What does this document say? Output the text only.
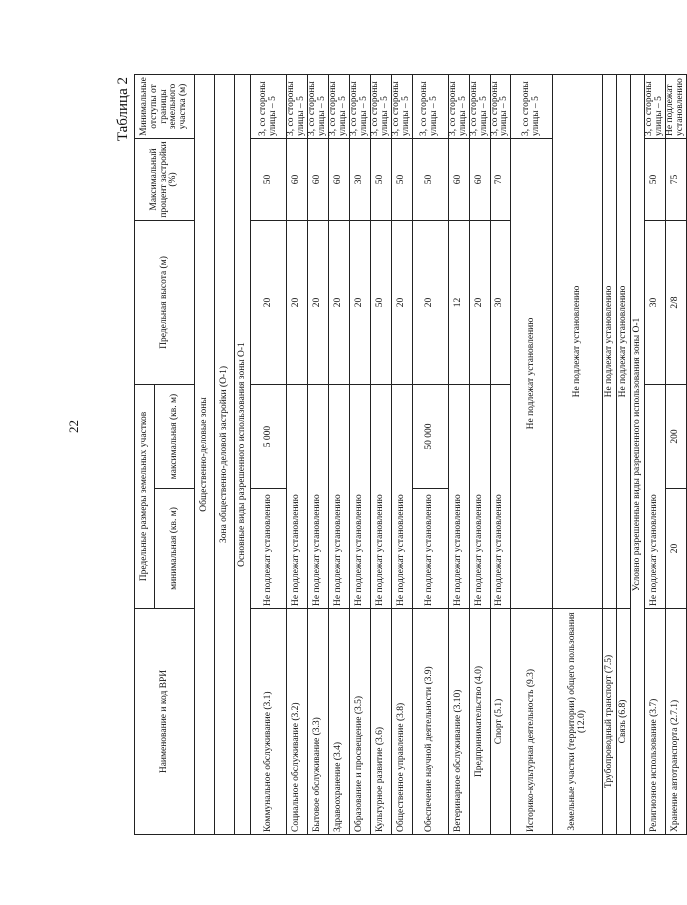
22
Таблица 2
Наименование и код ВРИ	Предельные размеры земельных участков		Предельная высота (м)	Максимальный процент застройки (%)	Минимальные отступы от границы земельного участка (м)
	минимальная (кв. м)	максимальная (кв. м)			
Общественно-деловые зоны					
Зона общественно-деловой застройки (О-1)					
Основные виды разрешенного использования зоны О-1					
Коммунальное обслуживание (3.1)	Не подлежат установлению	5 000	20	50	3, со стороны улицы – 5
Социальное обслуживание (3.2)	Не подлежат установлению		20	60	3, со стороны улицы – 5
Бытовое обслуживание (3.3)	Не подлежат установлению		20	60	3, со стороны улицы – 5
Здравоохранение (3.4)	Не подлежат установлению		20	60	3, со стороны улицы – 5
Образование и просвещение (3.5)	Не подлежат установлению		20	30	3, со стороны улицы – 5
Культурное развитие (3.6)	Не подлежат установлению		50	50	3, со стороны улицы – 5
Общественное управление (3.8)	Не подлежат установлению		20	50	3, со стороны улицы – 5
Обеспечение научной деятельности (3.9)	Не подлежат установлению	50 000	20	50	3, со стороны улицы – 5
Ветеринарное обслуживание (3.10)	Не подлежат установлению		12	60	3, со стороны улицы – 5
Предпринимательство (4.0)	Не подлежат установлению		20	60	3, со стороны улицы – 5
Спорт (5.1)	Не подлежат установлению		30	70	3, со стороны улицы – 5
Историко-культурная деятельность (9.3)	Не подлежат установлению				3, со стороны улицы – 5
Земельные участки (территории) общего пользования (12.0)	Не подлежат установлению				
Трубопроводный транспорт (7.5)	Не подлежат установлению				
Связь (6.8)	Не подлежат установлению				
Условно разрешенные виды разрешенного использования зоны О-1					
Религиозное использование (3.7)	Не подлежат установлению		30	50	3, со стороны улицы – 5
Хранение автотранспорта (2.7.1)	20	200	2/8	75	Не подлежат установлению
